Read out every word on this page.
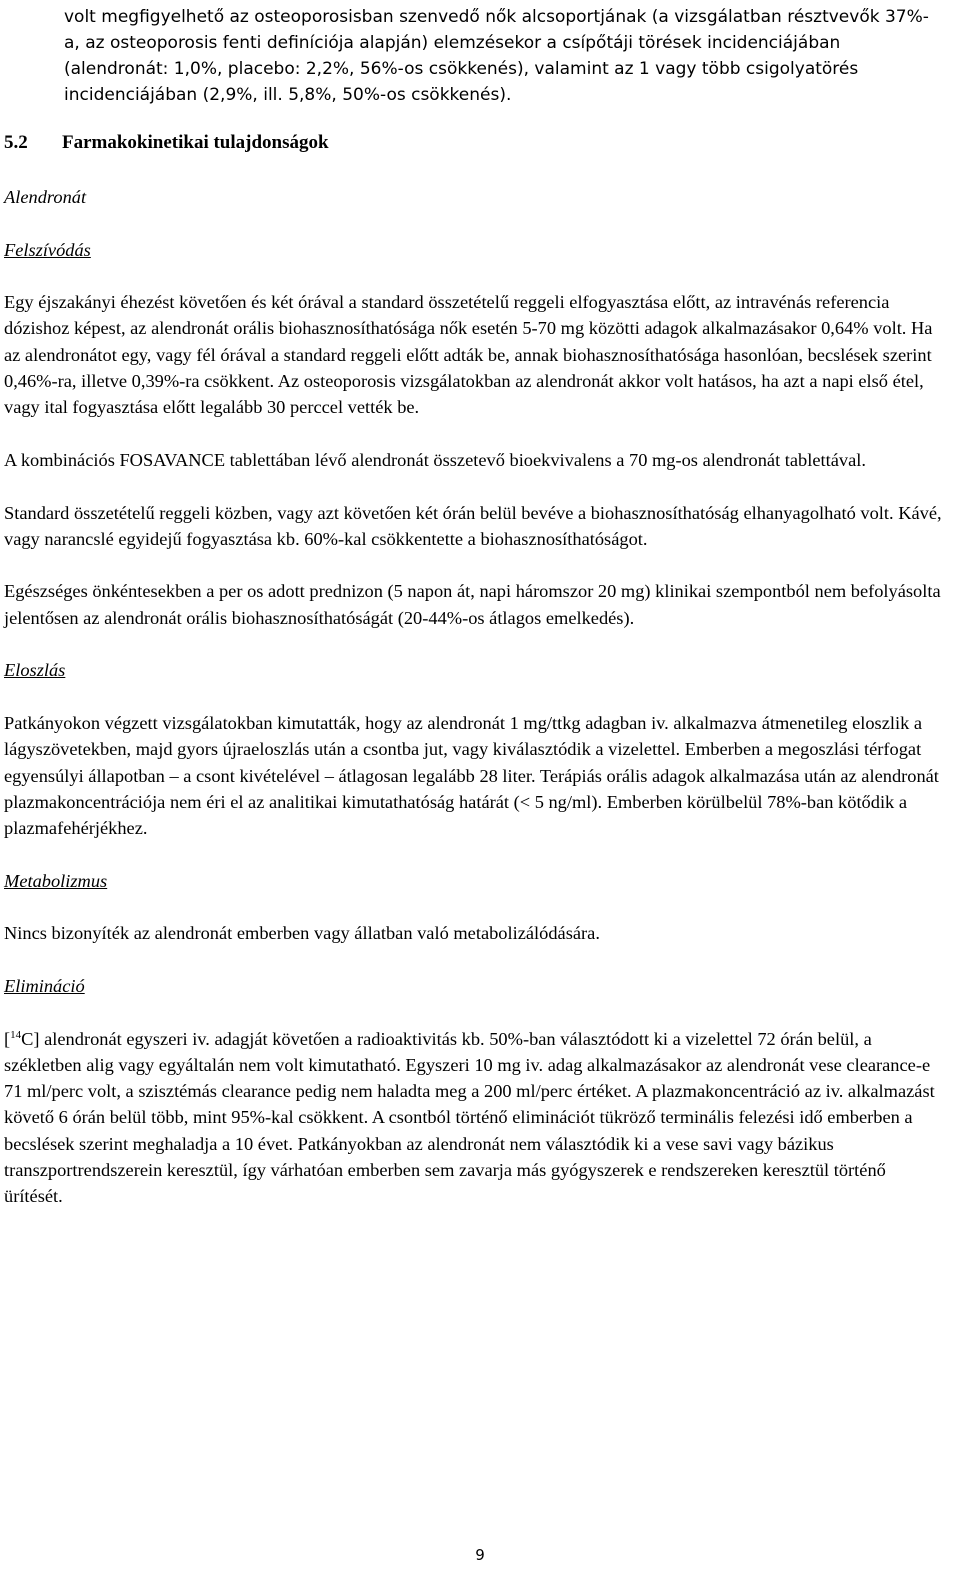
volt megfigyelhető az osteoporosisban szenvedő nők alcsoportjának (a vizsgálatban résztvevők 37%-a, az osteoporosis fenti definíciója alapján) elemzésekor a csípőtáji törések incidenciájában (alendronát: 1,0%, placebo: 2,2%, 56%-os csökkenés), valamint az 1 vagy több csigolyatörés incidenciájában (2,9%, ill. 5,8%, 50%-os csökkenés).

5.2 Farmakokinetikai tulajdonságok

Alendronát

Felszívódás

Egy éjszakányi éhezést követően és két órával a standard összetételű reggeli elfogyasztása előtt, az intravénás referencia dózishoz képest, az alendronát orális biohasznosíthatósága nők esetén 5-70 mg közötti adagok alkalmazásakor 0,64% volt. Ha az alendronátot egy, vagy fél órával a standard reggeli előtt adták be, annak biohasznosíthatósága hasonlóan, becslések szerint 0,46%-ra, illetve 0,39%-ra csökkent. Az osteoporosis vizsgálatokban az alendronát akkor volt hatásos, ha azt a napi első étel, vagy ital fogyasztása előtt legalább 30 perccel vették be.

A kombinációs FOSAVANCE tablettában lévő alendronát összetevő bioekvivalens a 70 mg-os alendronát tablettával.

Standard összetételű reggeli közben, vagy azt követően két órán belül bevéve a biohasznosíthatóság elhanyagolható volt. Kávé, vagy narancslé egyidejű fogyasztása kb. 60%-kal csökkentette a biohasznosíthatóságot.

Egészséges önkéntesekben a per os adott prednizon (5 napon át, napi háromszor 20 mg) klinikai szempontból nem befolyásolta jelentősen az alendronát orális biohasznosíthatóságát (20-44%-os átlagos emelkedés).

Eloszlás

Patkányokon végzett vizsgálatokban kimutatták, hogy az alendronát 1 mg/ttkg adagban iv. alkalmazva átmenetileg eloszlik a lágyszövetekben, majd gyors újraeloszlás után a csontba jut, vagy kiválasztódik a vizelettel. Emberben a megoszlási térfogat egyensúlyi állapotban – a csont kivételével – átlagosan legalább 28 liter. Terápiás orális adagok alkalmazása után az alendronát plazmakoncentrációja nem éri el az analitikai kimutathatóság határát (< 5 ng/ml). Emberben körülbelül 78%-ban kötődik a plazmafehérjékhez.

Metabolizmus

Nincs bizonyíték az alendronát emberben vagy állatban való metabolizálódására.

Elimináció

[$^{14}$C] alendronát egyszeri iv. adagját követően a radioaktivitás kb. 50%-ban választódott ki a vizelettel 72 órán belül, a székletben alig vagy egyáltalán nem volt kimutatható. Egyszeri 10 mg iv. adag alkalmazásakor az alendronát vese clearance-e 71 ml/perc volt, a szisztémás clearance pedig nem haladta meg a 200 ml/perc értéket. A plazmakoncentráció az iv. alkalmazást követő 6 órán belül több, mint 95%-kal csökkent. A csontból történő eliminációt tükröző terminális felezési idő emberben a becslések szerint meghaladja a 10 évet. Patkányokban az alendronát nem választódik ki a vese savi vagy bázikus transzportrendszerein keresztül, így várhatóan emberben sem zavarja más gyógyszerek e rendszereken keresztül történő ürítését.

9
